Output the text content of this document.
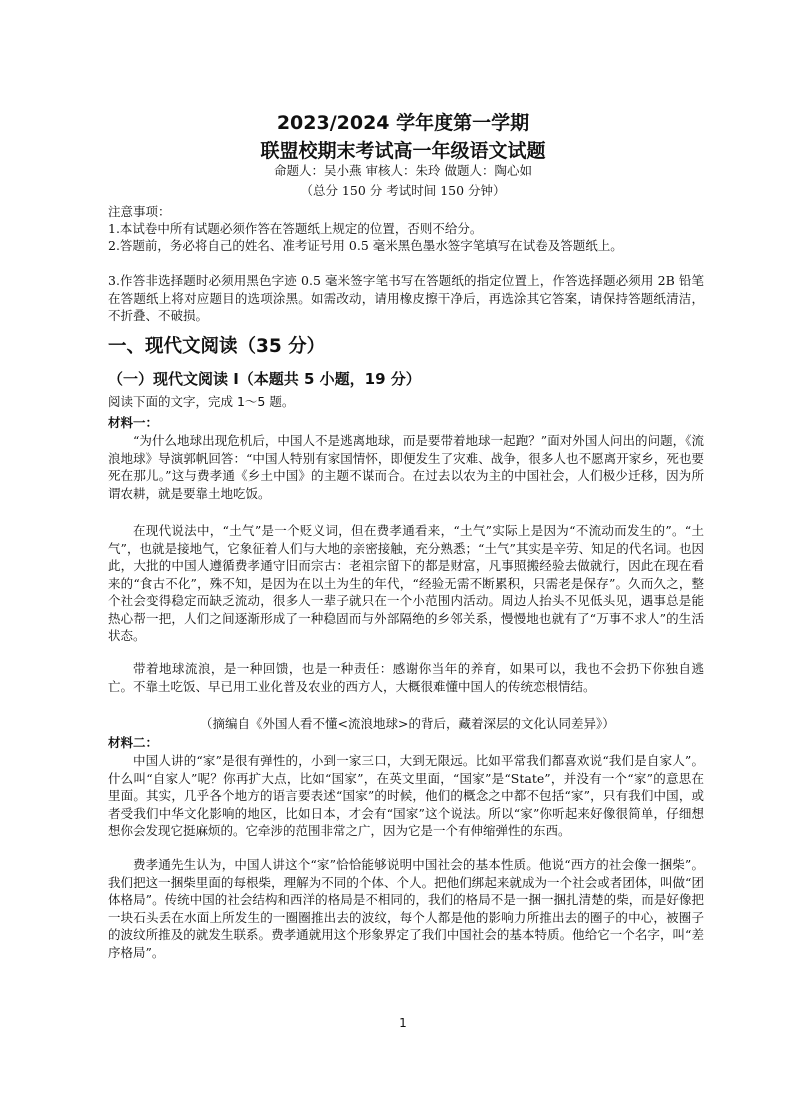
2023/2024 学年度第一学期
联盟校期末考试高一年级语文试题
命题人：吴小燕 审核人：朱玲 做题人：陶心如
（总分 150 分 考试时间 150 分钟）
注意事项：
1.本试卷中所有试题必须作答在答题纸上规定的位置，否则不给分。
2.答题前，务必将自己的姓名、准考证号用 0.5 毫米黑色墨水签字笔填写在试卷及答题纸上。
3.作答非选择题时必须用黑色字迹 0.5 毫米签字笔书写在答题纸的指定位置上，作答选择题必须用 2B 铅笔在答题纸上将对应题目的选项涂黑。如需改动，请用橡皮擦干净后，再选涂其它答案，请保持答题纸清洁，不折叠、不破损。
一、现代文阅读（35 分）
（一）现代文阅读 I（本题共 5 小题，19 分）
阅读下面的文字，完成 1～5 题。
材料一：
“为什么地球出现危机后，中国人不是逃离地球，而是要带着地球一起跑？”面对外国人问出的问题，《流浪地球》导演郭帆回答：“中国人特别有家国情怀，即便发生了灾难、战争，很多人也不愿离开家乡，死也要死在那儿。”这与费孝通《乡土中国》的主题不谋而合。在过去以农为主的中国社会，人们极少迁移，因为所谓农耕，就是要靠土地吃饭。
在现代说法中，“土气”是一个贬义词，但在费孝通看来，“土气”实际上是因为“不流动而发生的”。“土气”，也就是接地气，它象征着人们与大地的亲密接触，充分熟悉；“土气”其实是辛劳、知足的代名词。也因此，大批的中国人遵循费孝通守旧而宗古：老祖宗留下的都是财富，凡事照搬经验去做就行，因此在现在看来的“食古不化”，殊不知，是因为在以土为生的年代，“经验无需不断累积，只需老是保存”。久而久之，整个社会变得稳定而缺乏流动，很多人一辈子就只在一个小范围内活动。周边人抬头不见低头见，遇事总是能热心帮一把，人们之间逐渐形成了一种稳固而与外部隔绝的乡邻关系，慢慢地也就有了“万事不求人”的生活状态。
带着地球流浪，是一种回馈，也是一种责任：感谢你当年的养育，如果可以，我也不会扔下你独自逃亡。不靠土吃饭、早已用工业化普及农业的西方人，大概很难懂中国人的传统恋根情结。
（摘编自《外国人看不懂<流浪地球>的背后，藏着深层的文化认同差异》）
材料二：
中国人讲的“家”是很有弹性的，小到一家三口，大到无限远。比如平常我们都喜欢说“我们是自家人”。什么叫“自家人”呢？你再扩大点，比如“国家”，在英文里面，“国家”是“State”，并没有一个“家”的意思在里面。其实，几乎各个地方的语言要表述“国家”的时候，他们的概念之中都不包括“家”，只有我们中国，或者受我们中华文化影响的地区，比如日本，才会有“国家”这个说法。所以“家”你听起来好像很简单，仔细想想你会发现它挺麻烦的。它牵涉的范围非常之广，因为它是一个有伸缩弹性的东西。
费孝通先生认为，中国人讲这个“家”恰恰能够说明中国社会的基本性质。他说“西方的社会像一捆柴”。我们把这一捆柴里面的每根柴，理解为不同的个体、个人。把他们绑起来就成为一个社会或者团体，叫做“团体格局”。传统中国的社会结构和西洋的格局是不相同的，我们的格局不是一捆一捆扎清楚的柴，而是好像把一块石头丢在水面上所发生的一圈圈推出去的波纹，每个人都是他的影响力所推出去的圈子的中心，被圈子的波纹所推及的就发生联系。费孝通就用这个形象界定了我们中国社会的基本特质。他给它一个名字，叫“差序格局”。
1
